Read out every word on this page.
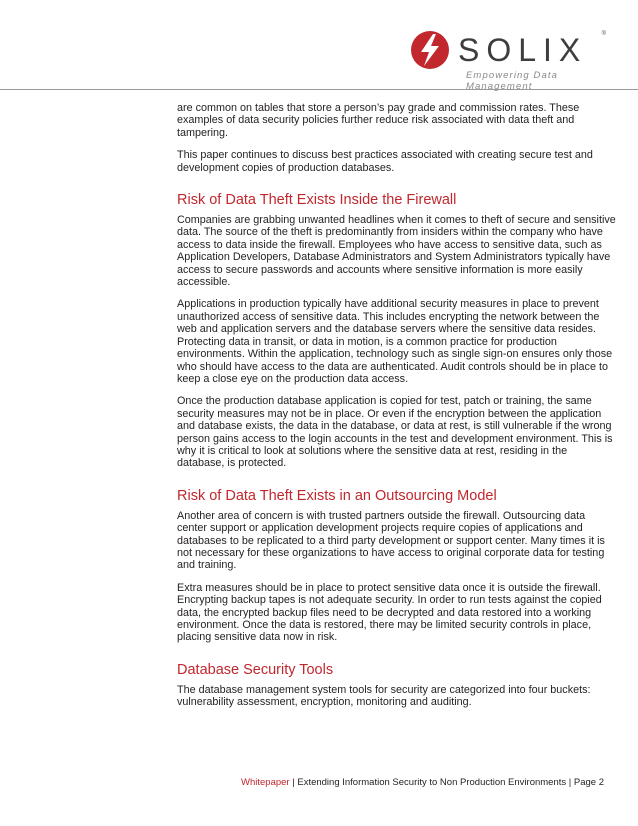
SOLIX ®
Empowering Data Management

are common on tables that store a person’s pay grade and commission rates. These examples of data security policies further reduce risk associated with data theft and tampering.

This paper continues to discuss best practices associated with creating secure test and development copies of production databases.

Risk of Data Theft Exists Inside the Firewall

Companies are grabbing unwanted headlines when it comes to theft of secure and sensitive data. The source of the theft is predominantly from insiders within the company who have access to data inside the firewall. Employees who have access to sensitive data, such as Application Developers, Database Administrators and System Administrators typically have access to secure passwords and accounts where sensitive information is more easily accessible.

Applications in production typically have additional security measures in place to prevent unauthorized access of sensitive data. This includes encrypting the network between the web and application servers and the database servers where the sensitive data resides. Protecting data in transit, or data in motion, is a common practice for production environments. Within the application, technology such as single sign-on ensures only those who should have access to the data are authenticated. Audit controls should be in place to keep a close eye on the production data access.

Once the production database application is copied for test, patch or training, the same security measures may not be in place. Or even if the encryption between the application and database exists, the data in the database, or data at rest, is still vulnerable if the wrong person gains access to the login accounts in the test and development environment. This is why it is critical to look at solutions where the sensitive data at rest, residing in the database, is protected.

Risk of Data Theft Exists in an Outsourcing Model

Another area of concern is with trusted partners outside the firewall. Outsourcing data center support or application development projects require copies of applications and databases to be replicated to a third party development or support center. Many times it is not necessary for these organizations to have access to original corporate data for testing and training.

Extra measures should be in place to protect sensitive data once it is outside the firewall. Encrypting backup tapes is not adequate security. In order to run tests against the copied data, the encrypted backup files need to be decrypted and data restored into a working environment. Once the data is restored, there may be limited security controls in place, placing sensitive data now in risk.

Database Security Tools

The database management system tools for security are categorized into four buckets: vulnerability assessment, encryption, monitoring and auditing.

Whitepaper | Extending Information Security to Non Production Environments | Page 2
